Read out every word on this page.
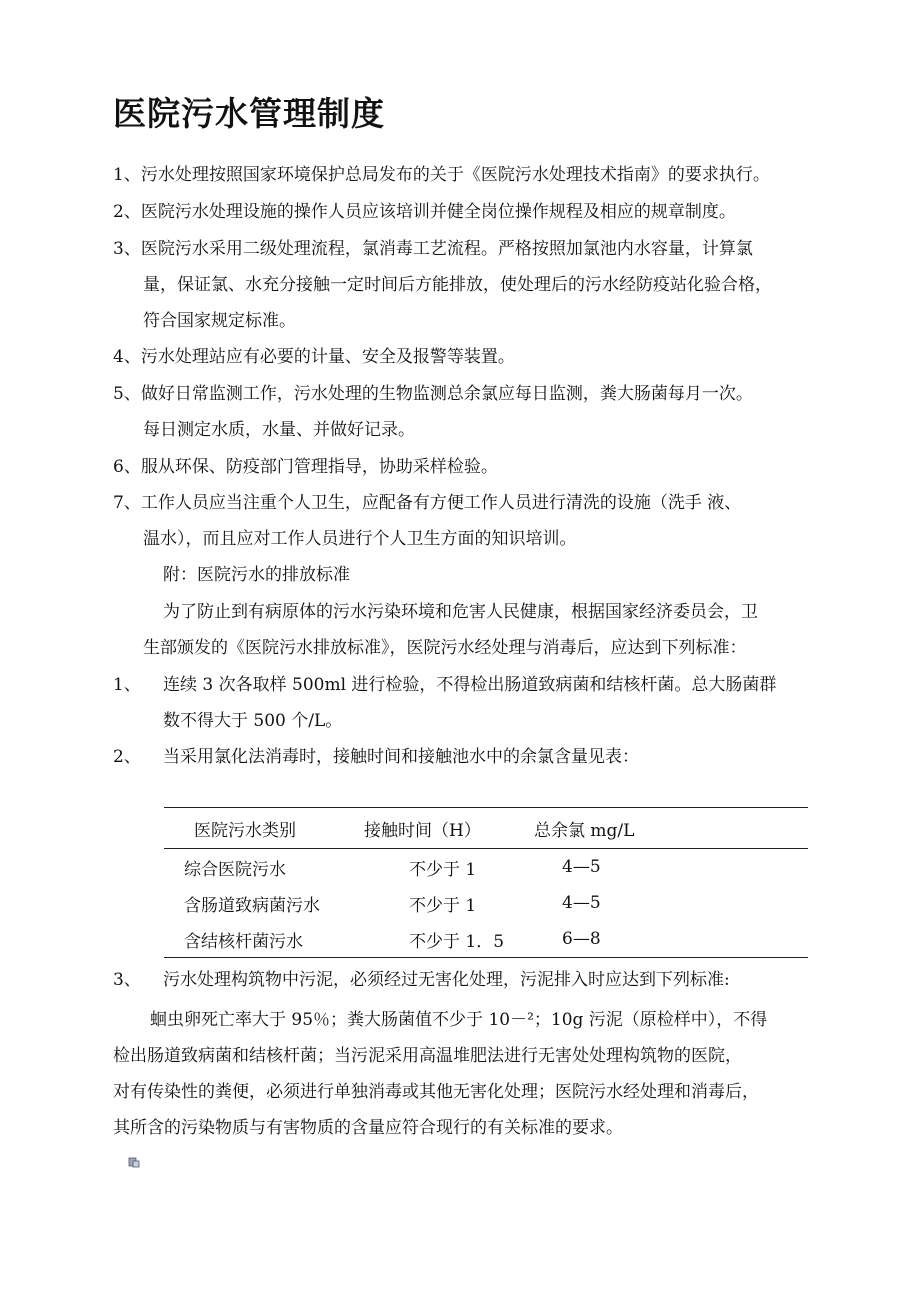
医院污水管理制度
1、污水处理按照国家环境保护总局发布的关于《医院污水处理技术指南》的要求执行。
2、医院污水处理设施的操作人员应该培训并健全岗位操作规程及相应的规章制度。
3、医院污水采用二级处理流程，氯消毒工艺流程。严格按照加氯池内水容量，计算氯
量，保证氯、水充分接触一定时间后方能排放，使处理后的污水经防疫站化验合格，
符合国家规定标准。
4、污水处理站应有必要的计量、安全及报警等装置。
5、做好日常监测工作，污水处理的生物监测总余氯应每日监测，粪大肠菌每月一次。
每日测定水质，水量、并做好记录。
6、服从环保、防疫部门管理指导，协助采样检验。
7、工作人员应当注重个人卫生，应配备有方便工作人员进行清洗的设施（洗手 液、
温水），而且应对工作人员进行个人卫生方面的知识培训。
附：医院污水的排放标准
为了防止到有病原体的污水污染环境和危害人民健康，根据国家经济委员会，卫
生部颁发的《医院污水排放标准》，医院污水经处理与消毒后，应达到下列标准：
1、 连续 3 次各取样 500ml 进行检验，不得检出肠道致病菌和结核杆菌。总大肠菌群
数不得大于 500 个/L。
2、 当采用氯化法消毒时，接触时间和接触池水中的余氯含量见表：
医院污水类别	接触时间（H）	总余氯 mg/L
综合医院污水	不少于 1	4—5
含肠道致病菌污水	不少于 1	4—5
含结核杆菌污水	不少于 1．5	6—8
3、 污水处理构筑物中污泥，必须经过无害化处理，污泥排入时应达到下列标准:
蛔虫卵死亡率大于 95％；粪大肠菌值不少于 10－²；10g 污泥（原检样中），不得
检出肠道致病菌和结核杆菌；当污泥采用高温堆肥法进行无害处处理构筑物的医院，
对有传染性的粪便，必须进行单独消毒或其他无害化处理；医院污水经处理和消毒后，
其所含的污染物质与有害物质的含量应符合现行的有关标准的要求。
